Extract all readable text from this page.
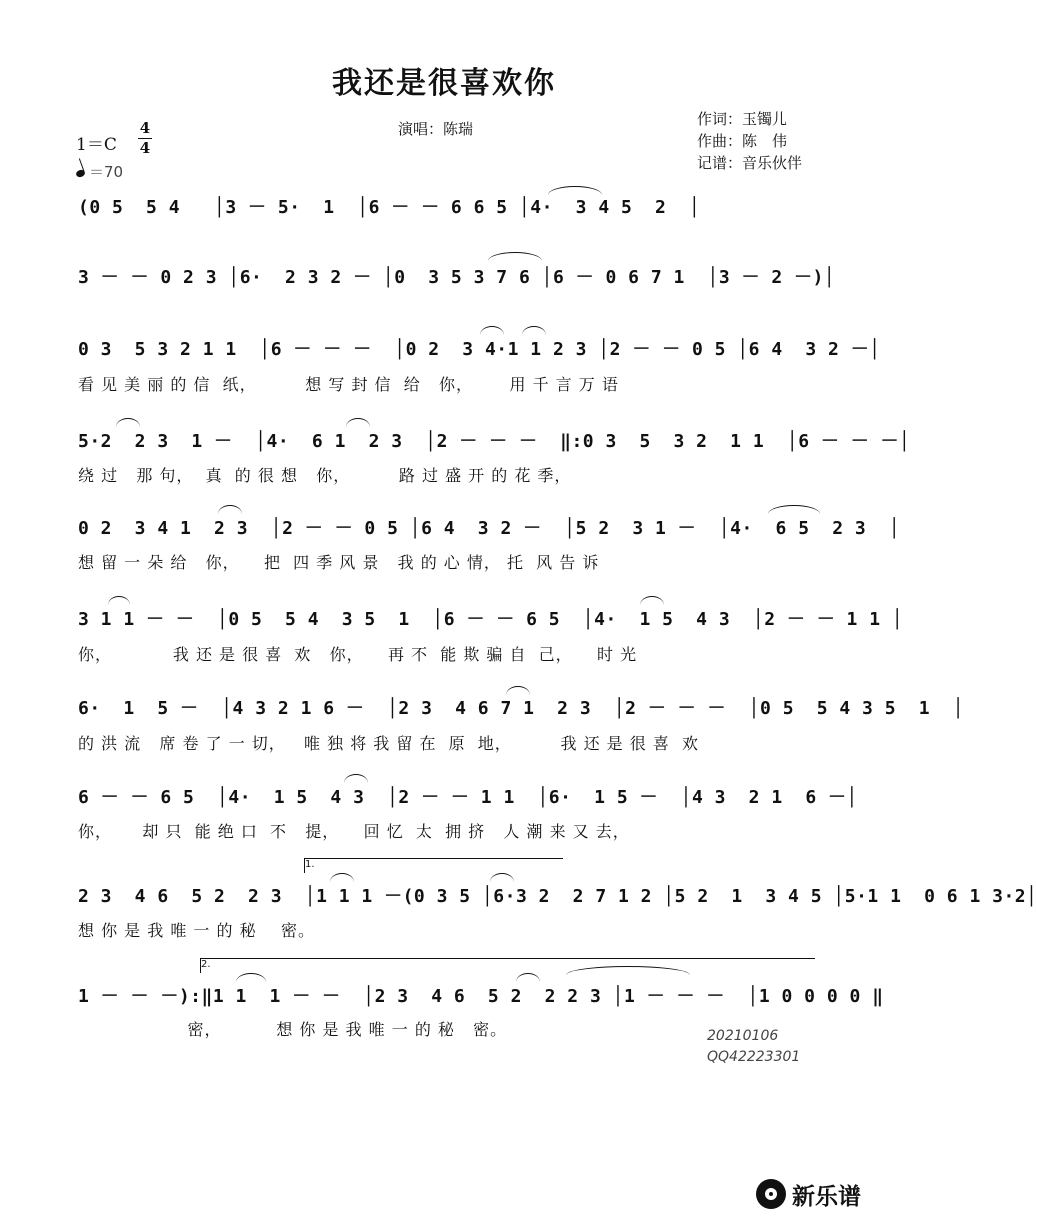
我还是很喜欢你
演唱：陈瑞
作词：玉镯儿
作曲：陈　伟
记谱：音乐伙伴
1＝C
4
4
＝70
(0 5  5 4   │3 － 5·  1  │6 － － 6 6 5 │4·  3 4 5  2  │
3 － － 0 2 3 │6·  2 3 2 － │0  3 5 3 7 6 │6 － 0 6 7 1  │3 － 2 －)│
0 3  5 3 2 1 1  │6 － － －  │0 2  3 4·1 1 2 3 │2 － － 0 5 │6 4  3 2 －│
看 见 美 丽 的 信  纸，        想 写 封 信  给   你，      用 千 言 万 语
5·2  2 3  1 －  │4·  6 1  2 3  │2 － － －  ‖:0 3  5  3 2  1 1  │6 － － －│
绕 过   那 句，  真  的 很 想   你，        路 过 盛 开 的 花 季，
0 2  3 4 1  2 3  │2 － － 0 5 │6 4  3 2 －  │5 2  3 1 －  │4·  6 5  2 3  │
想 留 一 朵 给   你，    把  四 季 风 景   我 的 心 情， 托  风 告 诉
3 1 1 － －  │0 5  5 4  3 5  1  │6 － － 6 5  │4·  1 5  4 3  │2 － － 1 1 │
你，          我 还 是 很 喜  欢   你，    再 不  能 欺 骗 自  己，    时 光
6·  1  5 －  │4 3 2 1 6 －  │2 3  4 6 7 1  2 3  │2 － － －  │0 5  5 4 3 5  1  │
的 洪 流   席 卷 了 一 切，   唯 独 将 我 留 在  原  地，        我 还 是 很 喜  欢
6 － － 6 5  │4·  1 5  4 3  │2 － － 1 1  │6·  1 5 －  │4 3  2 1  6 －│
你，     却 只  能 绝 口  不   提，    回 忆  太  拥 挤   人 潮 来 又 去，
1.
2 3  4 6  5 2  2 3  │1 1 1 －(0 3 5 │6·3 2  2 7 1 2 │5 2  1  3 4 5 │5·1 1  0 6 1 3·2│
想 你 是 我 唯 一 的 秘    密。
2.
1 － － －):‖1 1  1 － －  │2 3  4 6  5 2  2 2 3 │1 － － －  │1 0 0 0 0 ‖
密，         想 你 是 我 唯 一 的 秘   密。	20210106
QQ42223301
新乐谱
